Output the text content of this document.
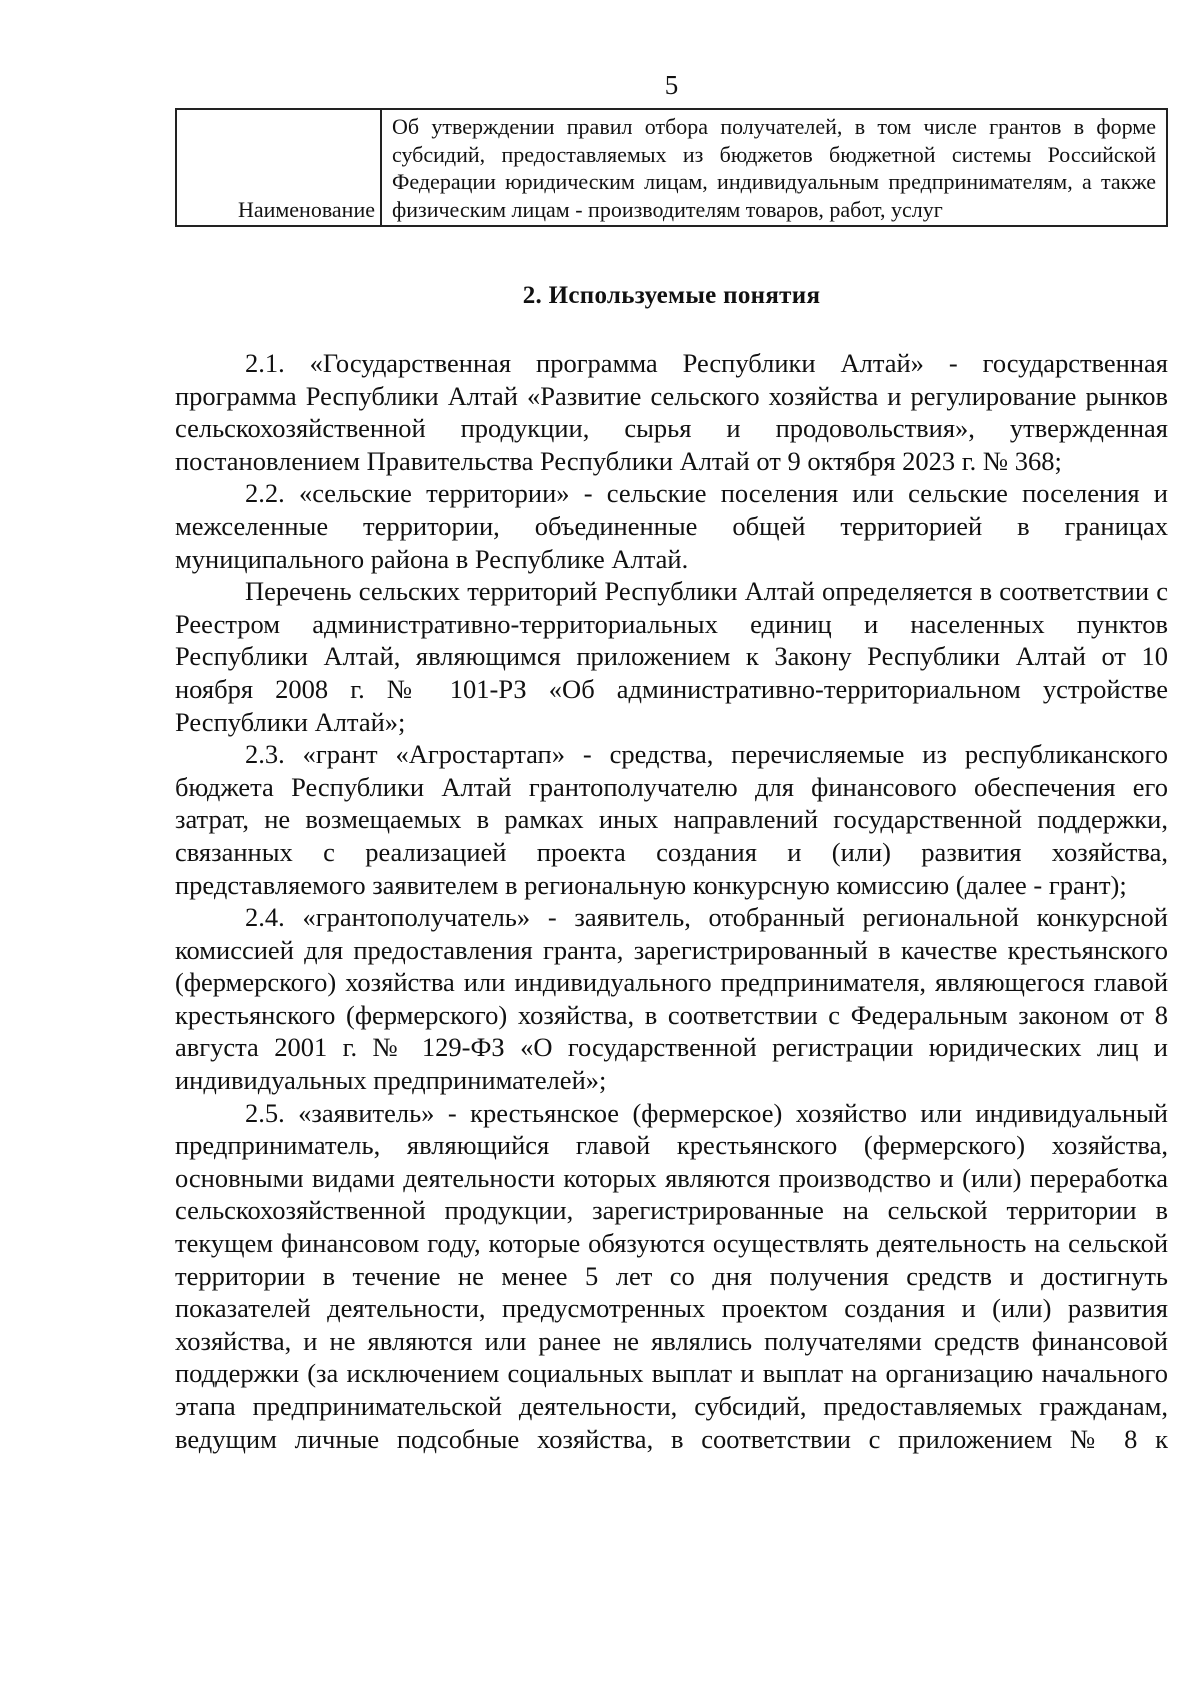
5
Наименование	Об утверждении правил отбора получателей, в том числе грантов в форме субсидий, предоставляемых из бюджетов бюджетной системы Российской Федерации юридическим лицам, индивидуальным предпринимателям, а также физическим лицам - производителям товаров, работ, услуг
2. Используемые понятия

2.1. «Государственная программа Республики Алтай» - государственная программа Республики Алтай «Развитие сельского хозяйства и регулирование рынков сельскохозяйственной продукции, сырья и продовольствия», утвержденная постановлением Правительства Республики Алтай от 9 октября 2023 г. № 368;

2.2. «сельские территории» - сельские поселения или сельские поселения и межселенные территории, объединенные общей территорией в границах муниципального района в Республике Алтай.

Перечень сельских территорий Республики Алтай определяется в соответствии с Реестром административно-территориальных единиц и населенных пунктов Республики Алтай, являющимся приложением к Закону Республики Алтай от 10 ноября 2008 г. № 101-РЗ «Об административно-территориальном устройстве Республики Алтай»;

2.3. «грант «Агростартап» - средства, перечисляемые из республиканского бюджета Республики Алтай грантополучателю для финансового обеспечения его затрат, не возмещаемых в рамках иных направлений государственной поддержки, связанных с реализацией проекта создания и (или) развития хозяйства, представляемого заявителем в региональную конкурсную комиссию (далее - грант);

2.4. «грантополучатель» - заявитель, отобранный региональной конкурсной комиссией для предоставления гранта, зарегистрированный в качестве крестьянского (фермерского) хозяйства или индивидуального предпринимателя, являющегося главой крестьянского (фермерского) хозяйства, в соответствии с Федеральным законом от 8 августа 2001 г. № 129-ФЗ «О государственной регистрации юридических лиц и индивидуальных предпринимателей»;

2.5. «заявитель» - крестьянское (фермерское) хозяйство или индивидуальный предприниматель, являющийся главой крестьянского (фермерского) хозяйства, основными видами деятельности которых являются производство и (или) переработка сельскохозяйственной продукции, зарегистрированные на сельской территории в текущем финансовом году, которые обязуются осуществлять деятельность на сельской территории в течение не менее 5 лет со дня получения средств и достигнуть показателей деятельности, предусмотренных проектом создания и (или) развития хозяйства, и не являются или ранее не являлись получателями средств финансовой поддержки (за исключением социальных выплат и выплат на организацию начального этапа предпринимательской деятельности, субсидий, предоставляемых гражданам, ведущим личные подсобные хозяйства, в соответствии с приложением № 8 к
